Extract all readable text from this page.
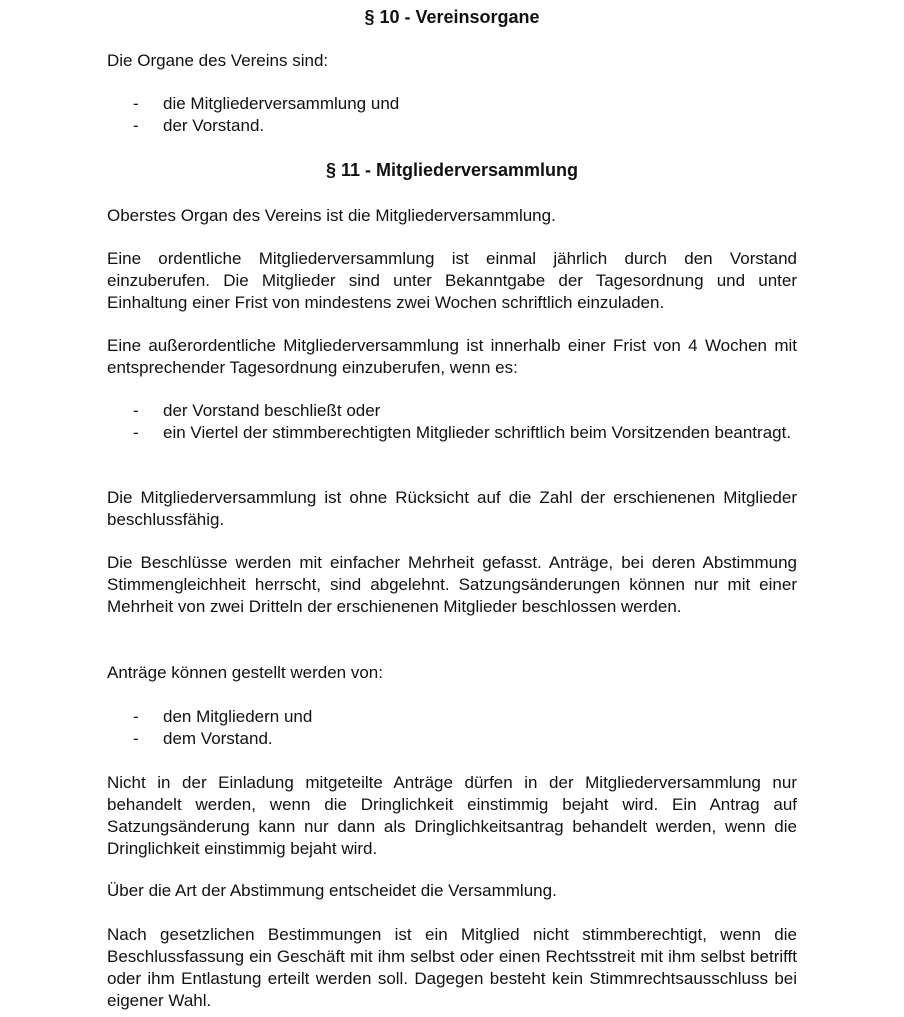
§ 10 - Vereinsorgane

Die Organe des Vereins sind:

- die Mitgliederversammlung und
- der Vorstand.
§ 11 - Mitgliederversammlung

Oberstes Organ des Vereins ist die Mitgliederversammlung.

Eine ordentliche Mitgliederversammlung ist einmal jährlich durch den Vorstand einzuberufen. Die Mitglieder sind unter Bekanntgabe der Tagesordnung und unter Einhaltung einer Frist von mindestens zwei Wochen schriftlich einzuladen.

Eine außerordentliche Mitgliederversammlung ist innerhalb einer Frist von 4 Wochen mit entsprechender Tagesordnung einzuberufen, wenn es:

- der Vorstand beschließt oder
- ein Viertel der stimmberechtigten Mitglieder schriftlich beim Vorsitzenden beantragt.

Die Mitgliederversammlung ist ohne Rücksicht auf die Zahl der erschienenen Mitglieder beschlussfähig.

Die Beschlüsse werden mit einfacher Mehrheit gefasst. Anträge, bei deren Abstimmung Stimmengleichheit herrscht, sind abgelehnt. Satzungsänderungen können nur mit einer Mehrheit von zwei Dritteln der erschienenen Mitglieder beschlossen werden.

Anträge können gestellt werden von:

- den Mitgliedern und
- dem Vorstand.

Nicht in der Einladung mitgeteilte Anträge dürfen in der Mitgliederversammlung nur behandelt werden, wenn die Dringlichkeit einstimmig bejaht wird. Ein Antrag auf Satzungsänderung kann nur dann als Dringlichkeitsantrag behandelt werden, wenn die Dringlichkeit einstimmig bejaht wird.

Über die Art der Abstimmung entscheidet die Versammlung.

Nach gesetzlichen Bestimmungen ist ein Mitglied nicht stimmberechtigt, wenn die Beschlussfassung ein Geschäft mit ihm selbst oder einen Rechtsstreit mit ihm selbst betrifft oder ihm Entlastung erteilt werden soll. Dagegen besteht kein Stimmrechtsausschluss bei eigener Wahl.
